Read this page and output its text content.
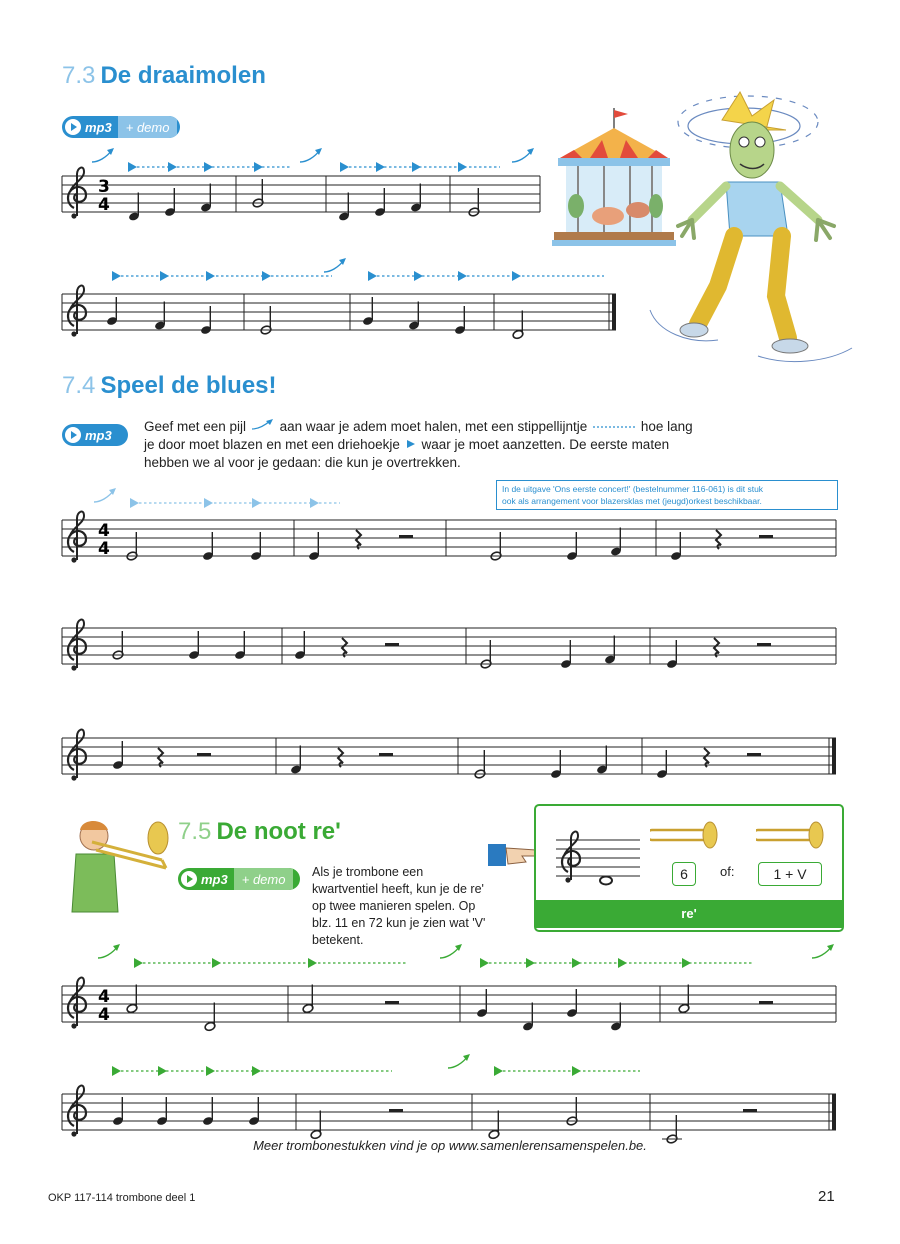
7.3 De draaimolen
mp3	+ demo
3
4
4
4
4
4
7.4 Speel de blues!
mp3
Geef met een pijl aan waar je adem moet halen, met een stippellijntje	hoe lang
je door moet blazen en met een driehoekje waar je moet aanzetten. De eerste maten
hebben we al voor je gedaan: die kun je overtrekken.
In de uitgave 'Ons eerste concert!' (bestelnummer 116-061) is dit stuk
ook als arrangement voor blazersklas met (jeugd)orkest beschikbaar.
7.5 De noot re'
mp3	+ demo	Als je trombone een
kwartventiel heeft, kun je de re'
op twee manieren spelen. Op
blz. 11 en 72 kun je zien wat 'V'
betekent.
6	of:	1 + V
re'
Meer trombonestukken vind je op www.samenlerensamenspelen.be.
OKP 117-114 trombone deel 1	21
